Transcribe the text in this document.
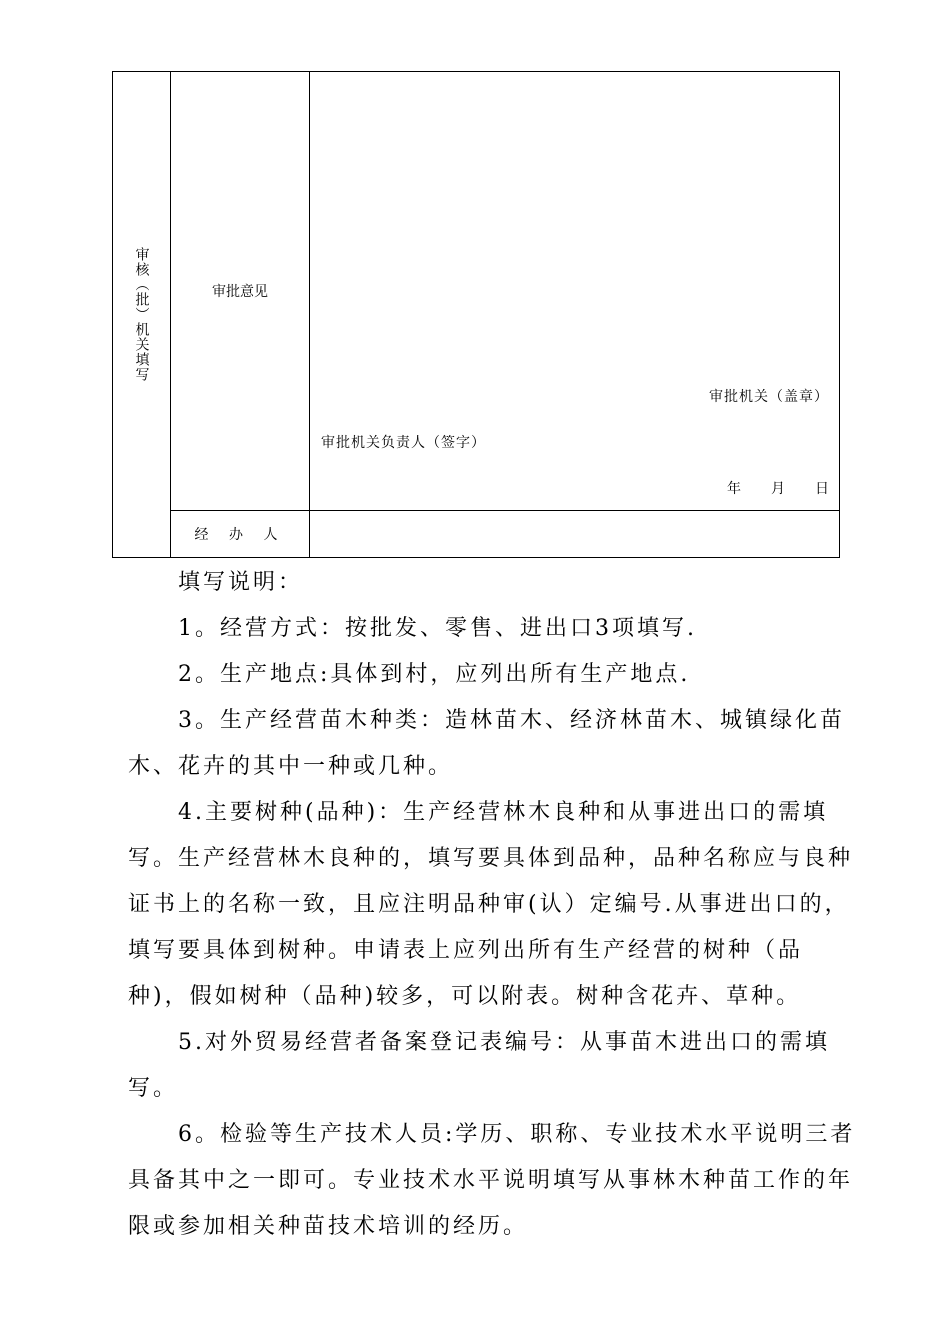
审核（批）机关填写	审批意见	审批机关（盖章）
审批机关负责人（签字）
年 月 日

	经 办 人	

填写说明：

1。经营方式：按批发、零售、进出口3项填写.

2。生产地点:具体到村，应列出所有生产地点.

3。生产经营苗木种类：造林苗木、经济林苗木、城镇绿化苗木、花卉的其中一种或几种。

4.主要树种(品种)：生产经营林木良种和从事进出口的需填写。生产经营林木良种的，填写要具体到品种，品种名称应与良种证书上的名称一致，且应注明品种审(认）定编号.从事进出口的，填写要具体到树种。申请表上应列出所有生产经营的树种（品种)，假如树种（品种)较多，可以附表。树种含花卉、草种。

5.对外贸易经营者备案登记表编号：从事苗木进出口的需填写。

6。检验等生产技术人员:学历、职称、专业技术水平说明三者具备其中之一即可。专业技术水平说明填写从事林木种苗工作的年限或参加相关种苗技术培训的经历。
